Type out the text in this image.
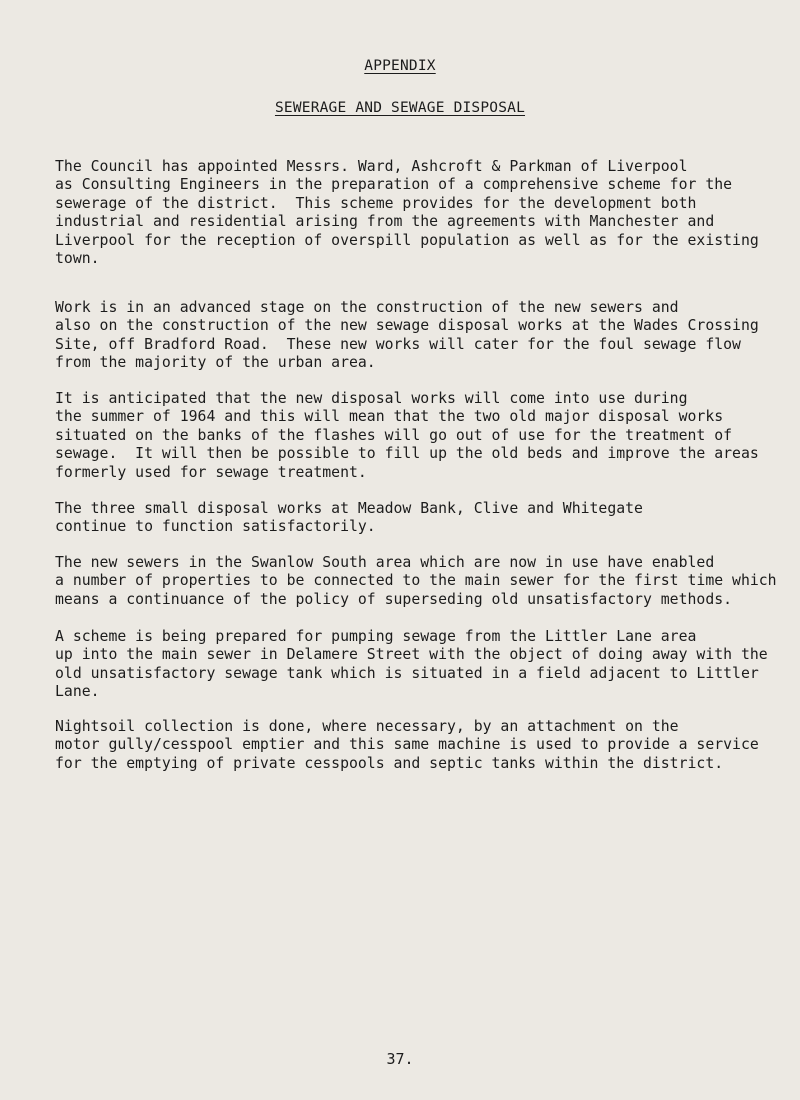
APPENDIX
SEWERAGE AND SEWAGE DISPOSAL

The Council has appointed Messrs. Ward, Ashcroft & Parkman of Liverpool
as Consulting Engineers in the preparation of a comprehensive scheme for the
sewerage of the district.  This scheme provides for the development both
industrial and residential arising from the agreements with Manchester and
Liverpool for the reception of overspill population as well as for the existing
town.

Work is in an advanced stage on the construction of the new sewers and
also on the construction of the new sewage disposal works at the Wades Crossing
Site, off Bradford Road.  These new works will cater for the foul sewage flow
from the majority of the urban area.

It is anticipated that the new disposal works will come into use during
the summer of 1964 and this will mean that the two old major disposal works
situated on the banks of the flashes will go out of use for the treatment of
sewage.  It will then be possible to fill up the old beds and improve the areas
formerly used for sewage treatment.

The three small disposal works at Meadow Bank, Clive and Whitegate
continue to function satisfactorily.

The new sewers in the Swanlow South area which are now in use have enabled
a number of properties to be connected to the main sewer for the first time which
means a continuance of the policy of superseding old unsatisfactory methods.

A scheme is being prepared for pumping sewage from the Littler Lane area
up into the main sewer in Delamere Street with the object of doing away with the
old unsatisfactory sewage tank which is situated in a field adjacent to Littler
Lane.

Nightsoil collection is done, where necessary, by an attachment on the
motor gully/cesspool emptier and this same machine is used to provide a service
for the emptying of private cesspools and septic tanks within the district.

37.
